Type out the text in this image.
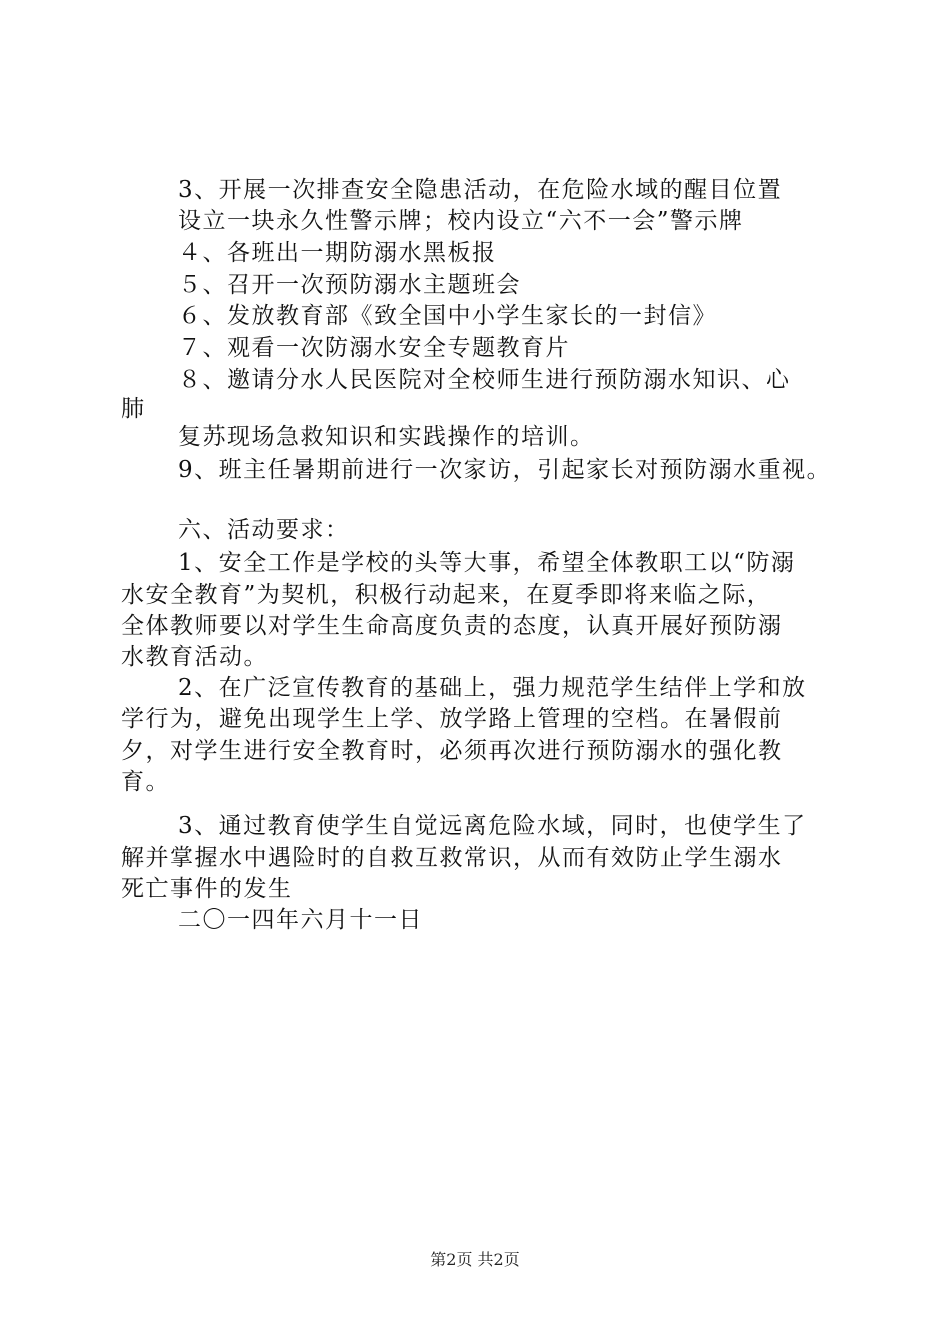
3、开展一次排查安全隐患活动，在危险水域的醒目位置
设立一块永久性警示牌；校内设立“六不一会”警示牌
４、各班出一期防溺水黑板报
５、召开一次预防溺水主题班会
６、发放教育部《致全国中小学生家长的一封信》
７、观看一次防溺水安全专题教育片
８、邀请分水人民医院对全校师生进行预防溺水知识、心
肺
复苏现场急救知识和实践操作的培训。
9、班主任暑期前进行一次家访，引起家长对预防溺水重视。
六、活动要求：
1、安全工作是学校的头等大事，希望全体教职工以“防溺
水安全教育”为契机，积极行动起来，在夏季即将来临之际，
全体教师要以对学生生命高度负责的态度，认真开展好预防溺
水教育活动。
2、在广泛宣传教育的基础上，强力规范学生结伴上学和放
学行为，避免出现学生上学、放学路上管理的空档。在暑假前
夕，对学生进行安全教育时，必须再次进行预防溺水的强化教
育。
3、通过教育使学生自觉远离危险水域，同时，也使学生了
解并掌握水中遇险时的自救互救常识，从而有效防止学生溺水
死亡事件的发生
二〇一四年六月十一日
第2页 共2页
